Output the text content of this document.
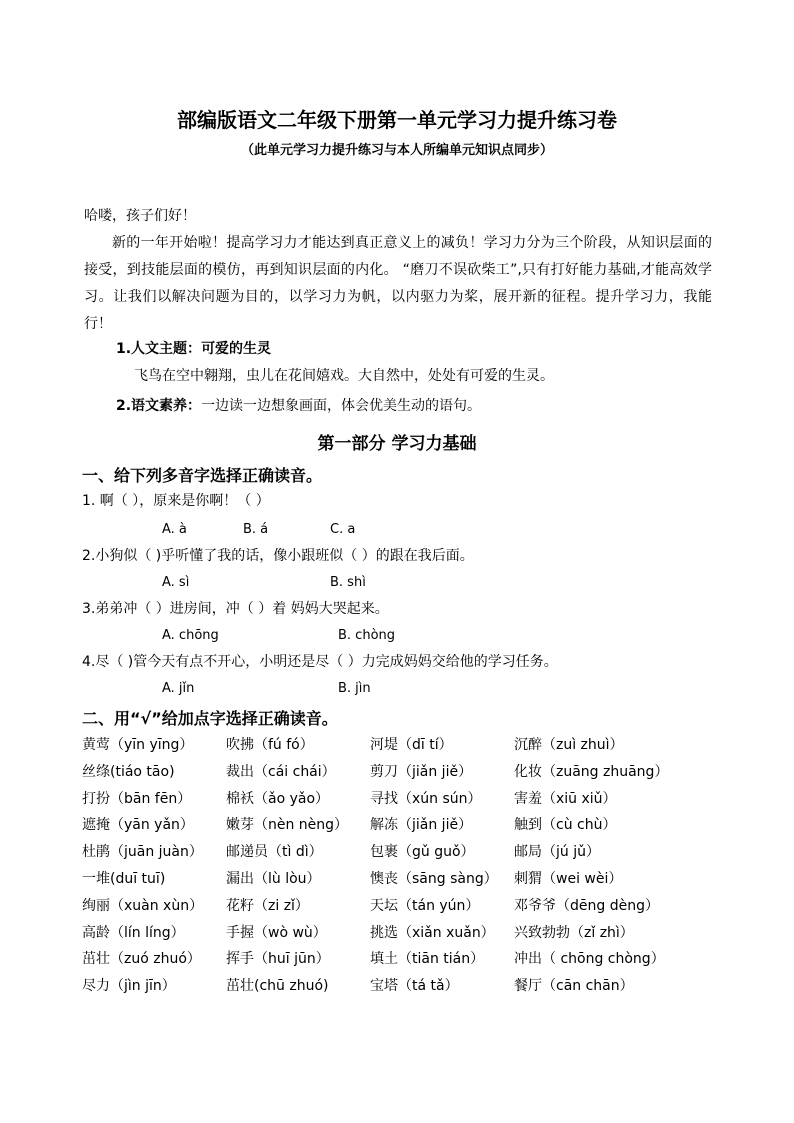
部编版语文二年级下册第一单元学习力提升练习卷
（此单元学习力提升练习与本人所编单元知识点同步）
哈喽，孩子们好！
新的一年开始啦！提高学习力才能达到真正意义上的减负！学习力分为三个阶段，从知识层面的接受，到技能层面的模仿，再到知识层面的内化。 “磨刀不误砍柴工”,只有打好能力基础,才能高效学习。让我们以解决问题为目的，以学习力为帆，以内驱力为桨，展开新的征程。提升学习力，我能行！
1.人文主题：可爱的生灵
飞鸟在空中翱翔，虫儿在花间嬉戏。大自然中，处处有可爱的生灵。
2.语文素养：一边读一边想象画面，体会优美生动的语句。
第一部分 学习力基础
一、给下列多音字选择正确读音。
1. 啊（ ），原来是你啊！（ ）
A. à	B. á	C. a
2.小狗似（ )乎听懂了我的话，像小跟班似（ ）的跟在我后面。
A. sì	B. shì
3.弟弟冲（ ）进房间，冲（ ）着 妈妈大哭起来。
A. chōng	B. chòng
4.尽（ )管今天有点不开心，小明还是尽（ ）力完成妈妈交给他的学习任务。
A. jǐn	B. jìn
二、用“√”给加点字选择正确读音。
黄莺（yīn yīng） 吹拂（fú fó）	河堤（dī tí）	沉醉（zuì zhuì）
丝绦(tiáo tāo)	裁出（cái chái） 剪刀（jiǎn jiě）	化妆（zuāng zhuāng）
打扮（bān fēn） 棉袄（ǎo yǎo）	寻找（xún sún） 害羞（xiū xiǔ）
遮掩（yān yǎn） 嫩芽（nèn nèng） 解冻（jiǎn jiě）	触到（cù chù）
杜鹃（juān juàn） 邮递员（tì dì）	包裹（gǔ guǒ）	邮局（jú jǔ）
一堆(duī tuī)	漏出（lù lòu）	懊丧（sāng sàng） 刺猬（wei wèi）
绚丽（xuàn xùn） 花籽（zi zǐ）	天坛（tán yún） 邓爷爷（dēng dèng）
高龄（lín líng）	手握（wò wù）	挑选（xiǎn xuǎn） 兴致勃勃（zǐ zhì）
茁壮（zuó zhuó） 挥手（huī jūn）	填土（tiān tián） 冲出（ chōng chòng）
尽力（jìn jīn）	茁壮(chū zhuó)	宝塔（tá tǎ）	餐厅（cān chān）
